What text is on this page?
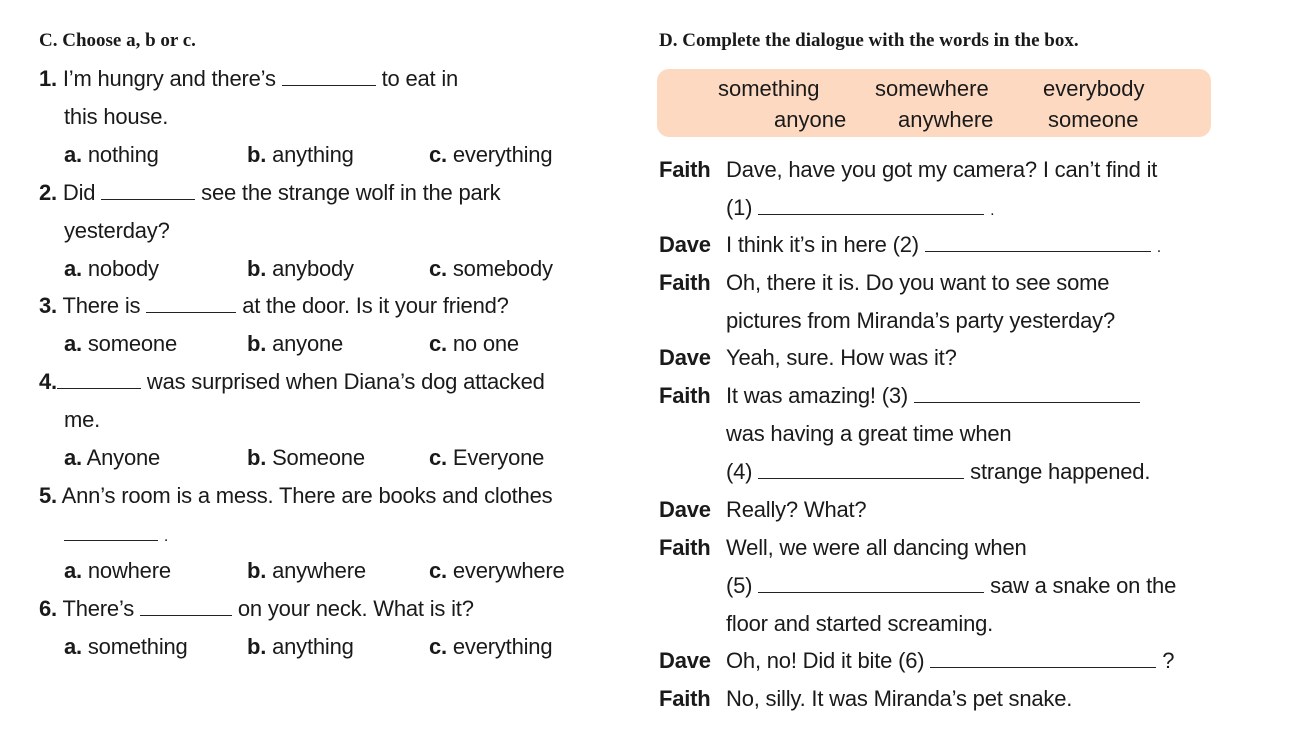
C. Choose a, b or c.
1. I’m hungry and there’s	to eat in
this house.
a. nothing	b. anything	c. everything
2. Did	see the strange wolf in the park
yesterday?
a. nobody	b. anybody	c. somebody
3. There is	at the door. Is it your friend?
a. someone	b. anyone	c. no one
4.	was surprised when Diana’s dog attacked
me.
a. Anyone	b. Someone	c. Everyone
5. Ann’s room is a mess. There are books and clothes
.
a. nowhere	b. anywhere	c. everywhere
6. There’s	on your neck. What is it?
a. something	b. anything	c. everything
D. Complete the dialogue with the words in the box.
something	somewhere everybody
anyone anywhere someone
Faith Dave, have you got my camera? I can’t find it
(1)	.
Dave I think it’s in here (2)	.
Faith Oh, there it is. Do you want to see some
pictures from Miranda’s party yesterday?
Dave Yeah, sure. How was it?
Faith It was amazing! (3)
was having a great time when
(4)	strange happened.
Dave Really? What?
Faith Well, we were all dancing when
(5)	saw a snake on the
floor and started screaming.
Dave Oh, no! Did it bite (6)	?
Faith No, silly. It was Miranda’s pet snake.
